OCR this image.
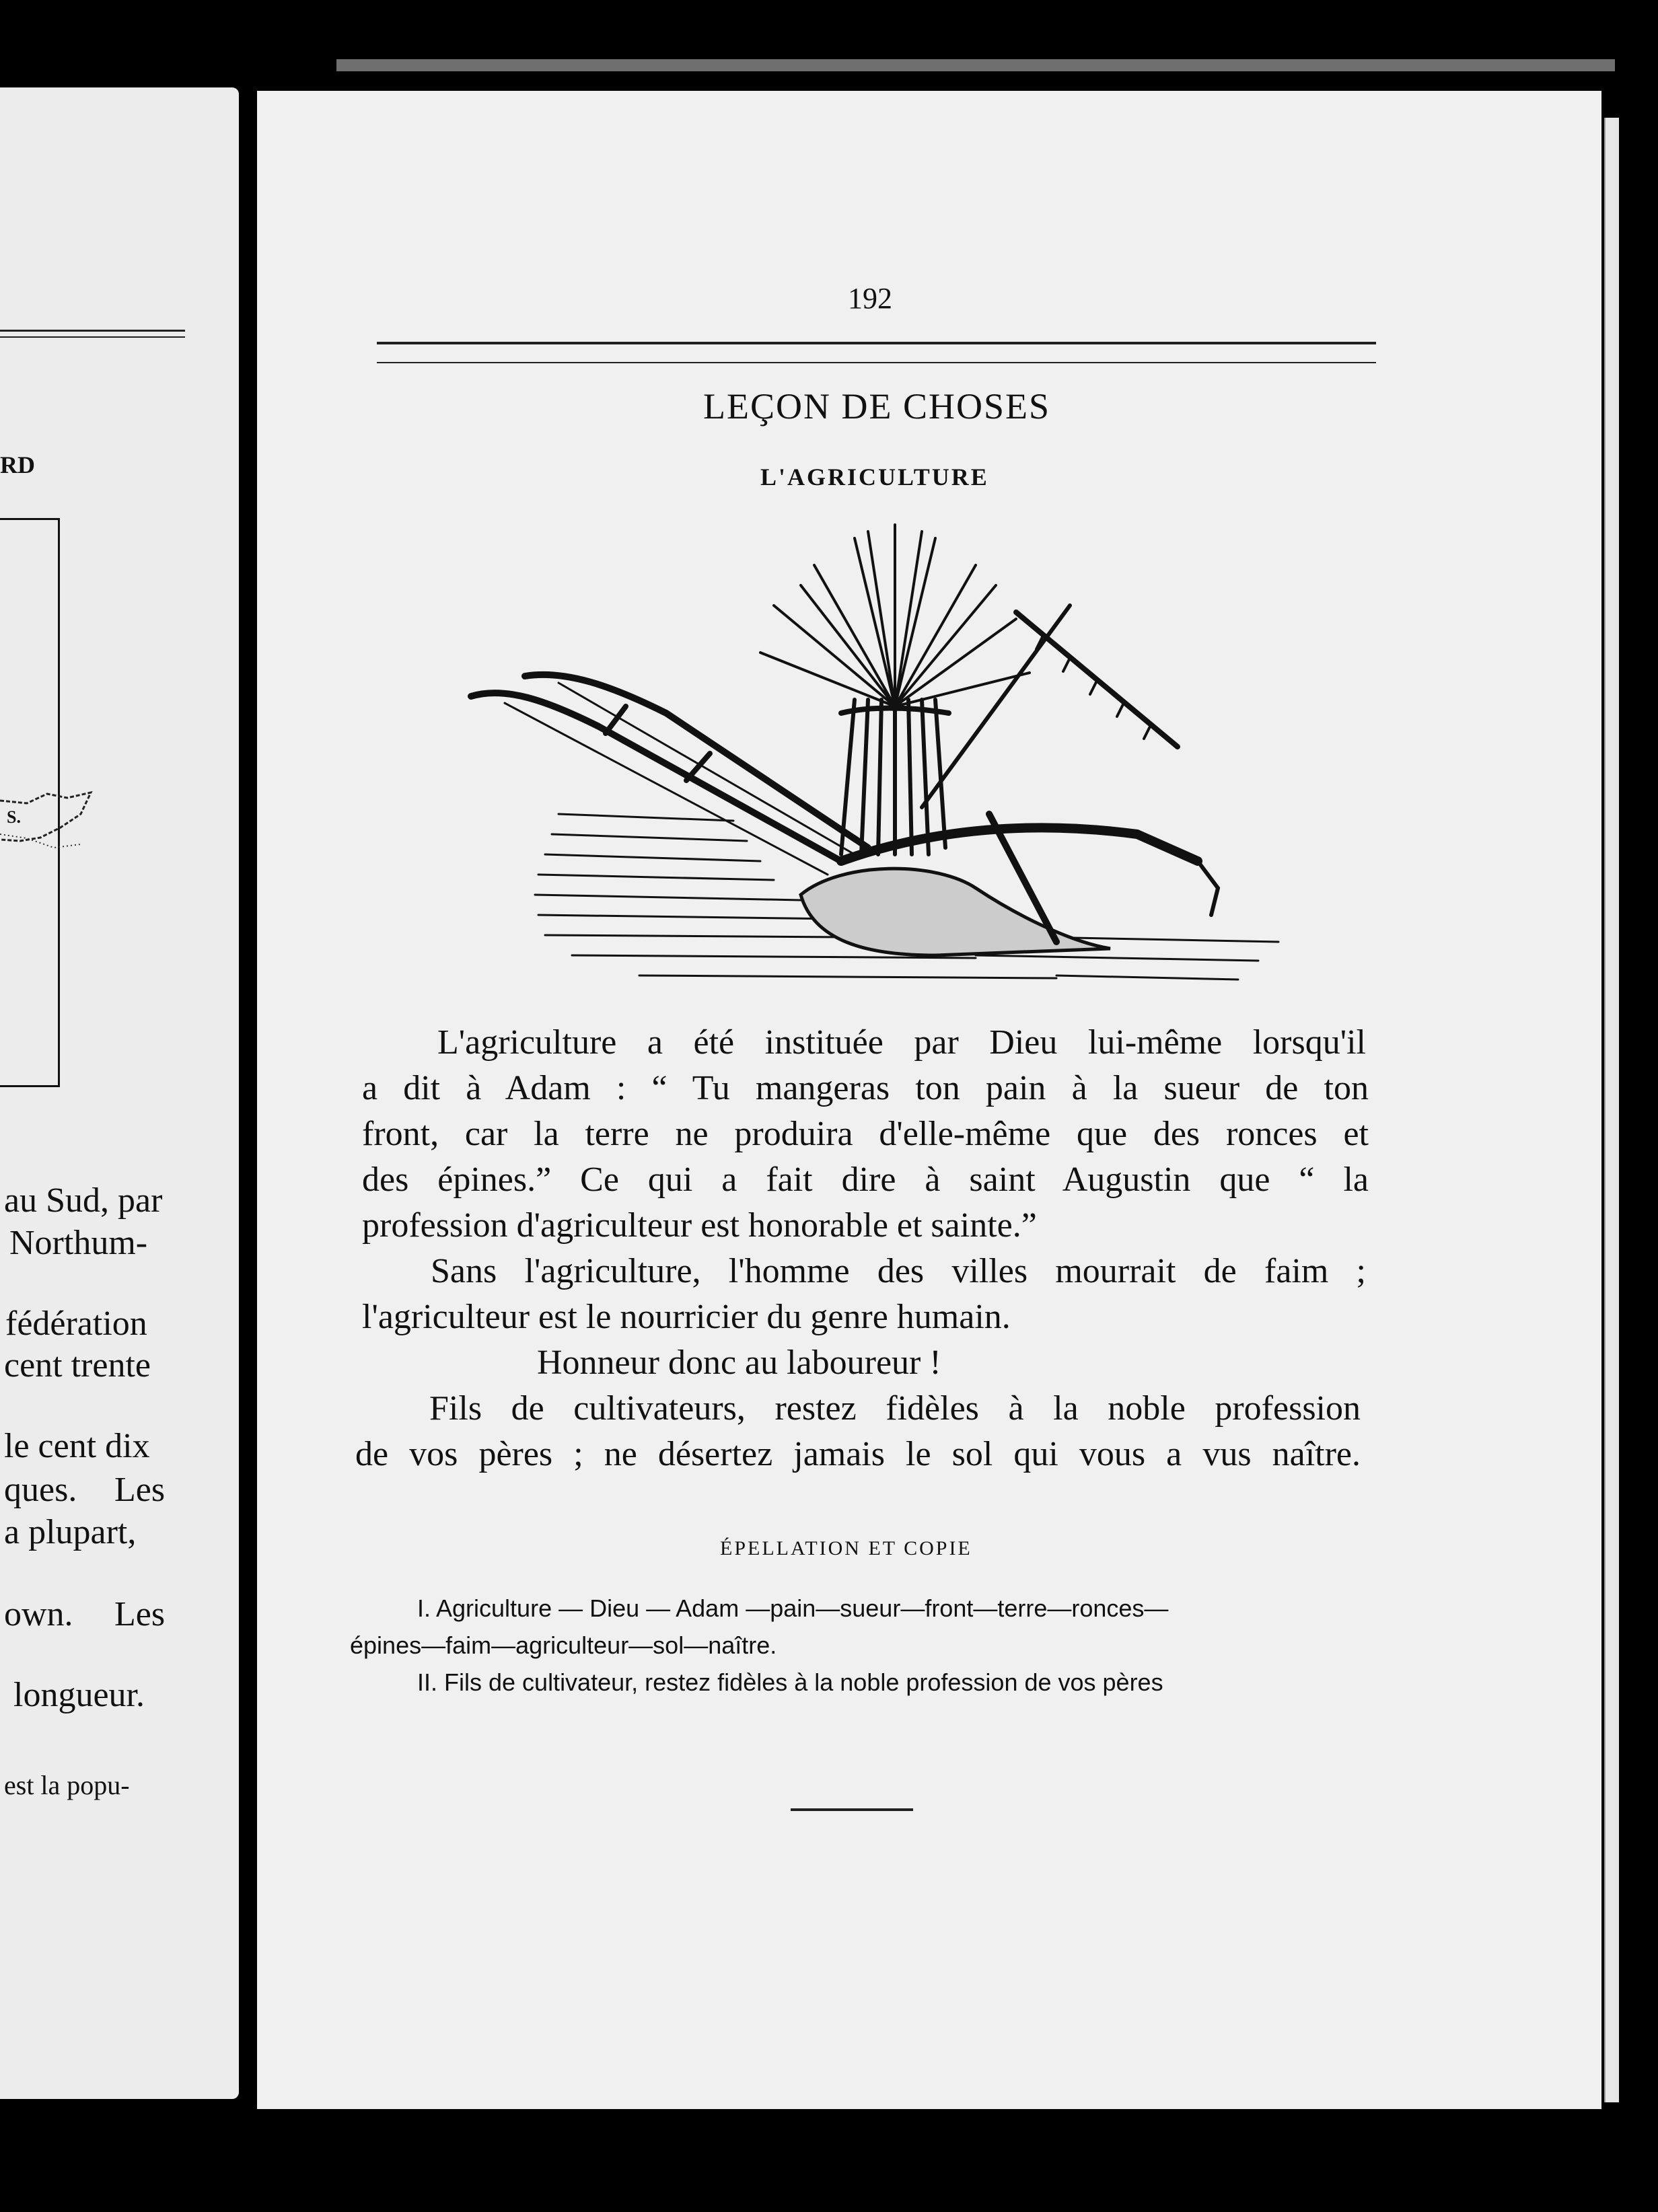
RD
S.
au Sud, par
Northum-
fédération
cent trente
le cent dix
ques. Les
a plupart,
own. Les
longueur.
est la popu-
192
LEÇON DE CHOSES
L'AGRICULTURE
L'agriculture a été instituée par Dieu lui-même lorsqu'il
a dit à Adam : “ Tu mangeras ton pain à la sueur de ton
front, car la terre ne produira d'elle-même que des ronces et
des épines.” Ce qui a fait dire à saint Augustin que “ la
profession d'agriculteur est honorable et sainte.”
Sans l'agriculture, l'homme des villes mourrait de faim ;
l'agriculteur est le nourricier du genre humain.
Honneur donc au laboureur !
Fils de cultivateurs, restez fidèles à la noble profession
de vos pères ; ne désertez jamais le sol qui vous a vus naître.
ÉPELLATION ET COPIE
I. Agriculture — Dieu — Adam —pain—sueur—front—terre—ronces—
épines—faim—agriculteur—sol—naître.
II. Fils de cultivateur, restez fidèles à la noble profession de vos pères
